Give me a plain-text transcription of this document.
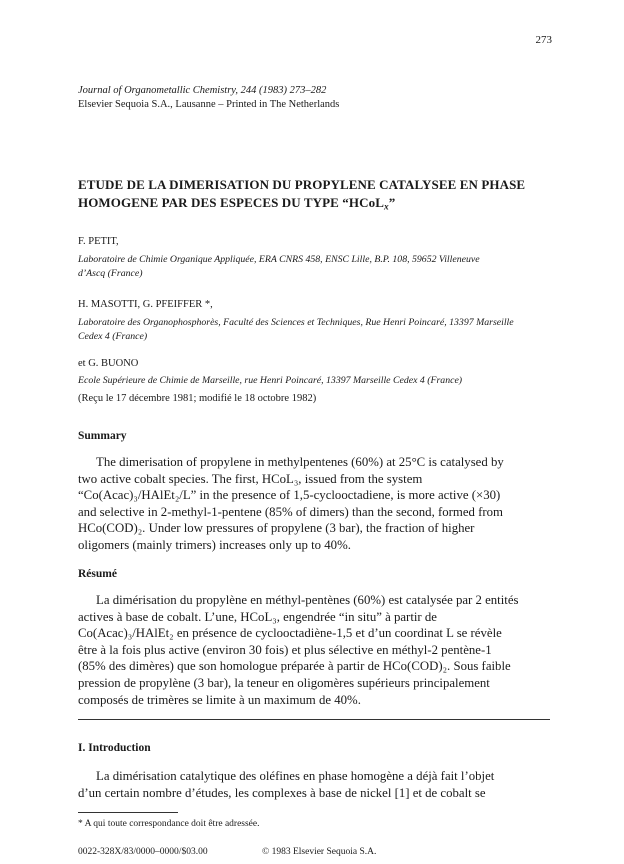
273
Journal of Organometallic Chemistry, 244 (1983) 273–282
Elsevier Sequoia S.A., Lausanne – Printed in The Netherlands
ETUDE DE LA DIMERISATION DU PROPYLENE CATALYSEE EN PHASE
HOMOGENE PAR DES ESPECES DU TYPE “HCoL$_x$”
F. PETIT,
Laboratoire de Chimie Organique Appliquée, ERA CNRS 458, ENSC Lille, B.P. 108, 59652 Villeneuve
d’Ascq (France)
H. MASOTTI, G. PFEIFFER *,
Laboratoire des Organophosphorès, Faculté des Sciences et Techniques, Rue Henri Poincaré, 13397 Marseille
Cedex 4 (France)
et G. BUONO
Ecole Supérieure de Chimie de Marseille, rue Henri Poincaré, 13397 Marseille Cedex 4 (France)
(Reçu le 17 décembre 1981; modifié le 18 octobre 1982)
Summary
The dimerisation of propylene in methylpentenes (60%) at 25°C is catalysed by
two active cobalt species. The first, HCoL₃, issued from the system
“Co(Acac)₃/HAlEt₂/L” in the presence of 1,5-cyclooctadiene, is more active (×30)
and selective in 2-methyl-1-pentene (85% of dimers) than the second, formed from
HCo(COD)₂. Under low pressures of propylene (3 bar), the fraction of higher
oligomers (mainly trimers) increases only up to 40%.
Résumé
La dimérisation du propylène en méthyl-pentènes (60%) est catalysée par 2 entités
actives à base de cobalt. L’une, HCoL₃, engendrée “in situ” à partir de
Co(Acac)₃/HAlEt₂ en présence de cyclooctadiène-1,5 et d’un coordinat L se révèle
être à la fois plus active (environ 30 fois) et plus sélective en méthyl-2 pentène-1
(85% des dimères) que son homologue préparée à partir de HCo(COD)₂. Sous faible
pression de propylène (3 bar), la teneur en oligomères supérieurs principalement
composés de trimères se limite à un maximum de 40%.
I. Introduction
La dimérisation catalytique des oléfines en phase homogène a déjà fait l’objet
d’un certain nombre d’études, les complexes à base de nickel [1] et de cobalt se
* A qui toute correspondance doit être adressée.
0022-328X/83/0000–0000/$03.00	© 1983 Elsevier Sequoia S.A.
